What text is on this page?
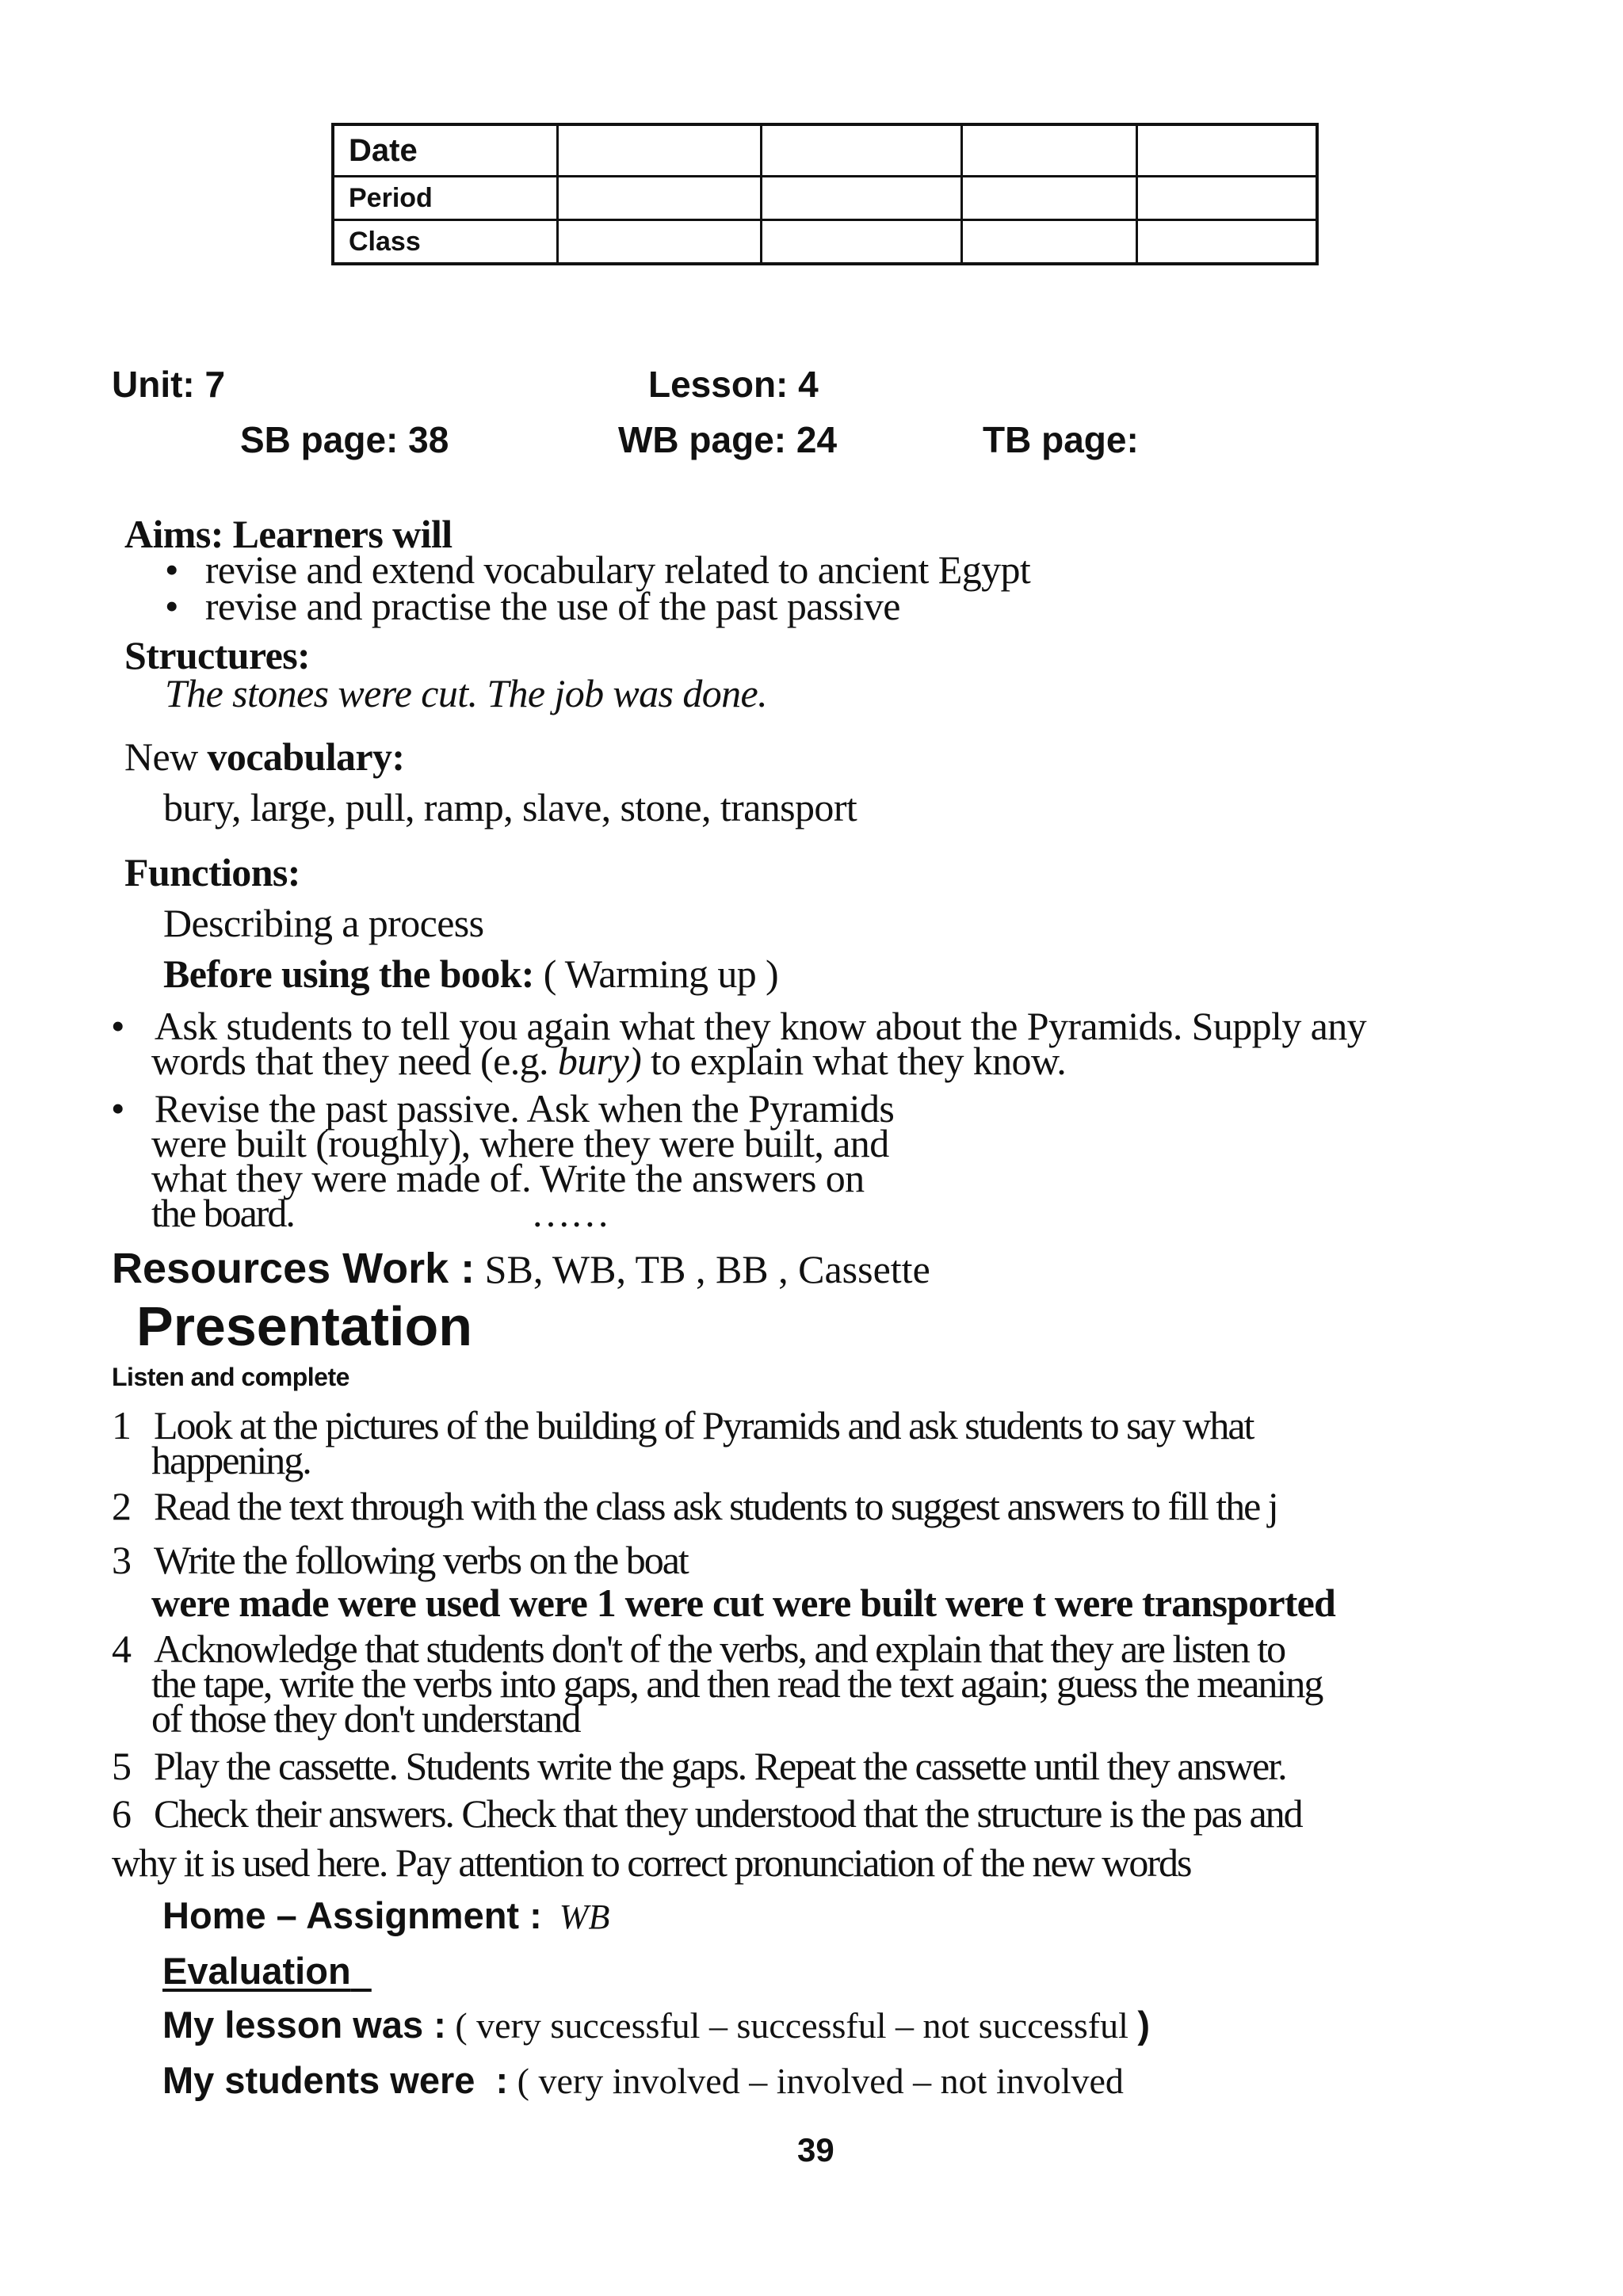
Date				
Period				
Class				
Unit: 7	Lesson: 4
SB page: 38	WB page: 24	TB page:
Aims: Learners will
• revise and extend vocabulary related to ancient Egypt
• revise and practise the use of the past passive
Structures:
The stones were cut. The job was done.
New vocabulary:
bury, large, pull, ramp, slave, stone, transport
Functions:
Describing a process
Before using the book: ( Warming up )
• Ask students to tell you again what they know about the Pyramids. Supply any
words that they need (e.g. bury) to explain what they know.
• Revise the past passive. Ask when the Pyramids
were built (roughly), where they were built, and
what they were made of. Write the answers on
the board.	……
Resources Work : SB, WB, TB , BB , Cassette
Presentation
Listen and complete
1 Look at the pictures of the building of Pyramids and ask students to say what
happening.
2 Read the text through with the class ask students to suggest answers to fill the j
3 Write the following verbs on the boat
were made were used were 1 were cut were built were t were transported
4 Acknowledge that students don't of the verbs, and explain that they are listen to
the tape, write the verbs into gaps, and then read the text again; guess the meaning
of those they don't understand
5 Play the cassette. Students write the gaps. Repeat the cassette until they answer.
6 Check their answers. Check that they understood that the structure is the pas and
why it is used here. Pay attention to correct pronunciation of the new words
Home – Assignment : WB
Evaluation
My lesson was : ( very successful – successful – not successful )
My students were  : ( very involved – involved – not involved
39
